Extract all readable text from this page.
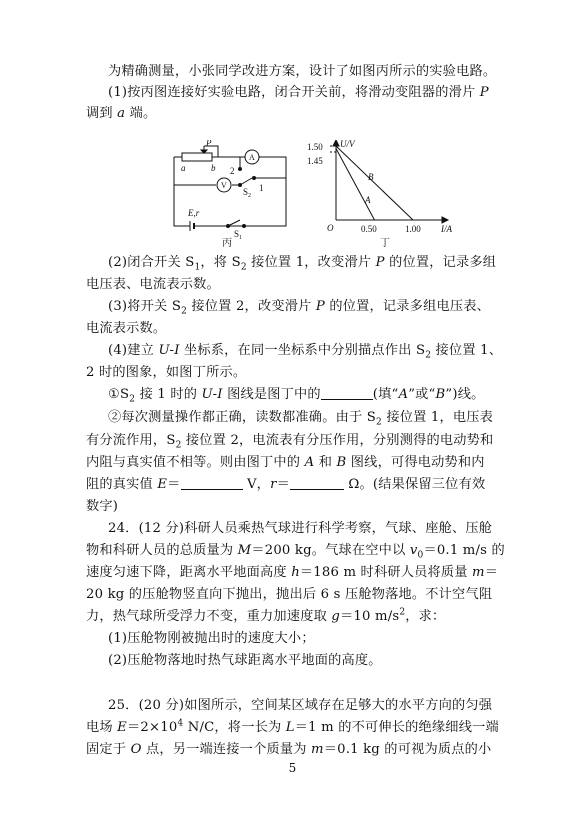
为精确测量，小张同学改进方案，设计了如图丙所示的实验电路。
(1)按丙图连接好实验电路，闭合开关前，将滑动变阻器的滑片 P
调到 a 端。
P
a	b
A
V
2
1
S 2
E,r
S 1
丙
U/V
I/A
O
1.50
1.45
0.50	1.00
A
B
丁
(2)闭合开关 $S_1$，将 $S_2$ 接位置 1，改变滑片 P 的位置，记录多组
电压表、电流表示数。
(3)将开关 $S_2$ 接位置 2，改变滑片 P 的位置，记录多组电压表、
电流表示数。
(4)建立 U-I 坐标系，在同一坐标系中分别描点作出 $S_2$ 接位置 1、
2 时的图象，如图丁所示。
$①S_2$ 接 1 时的 U-I 图线是图丁中的	(填“A”或“B”)线。
②每次测量操作都正确，读数都准确。由于 $S_2$ 接位置 1，电压表
有分流作用，$S_2$ 接位置 2，电流表有分压作用，分别测得的电动势和
内阻与真实值不相等。则由图丁中的 A 和 B 图线，可得电动势和内
阻的真实值 E＝	V，r＝	Ω。(结果保留三位有效
数字)
24．(12 分)科研人员乘热气球进行科学考察，气球、座舱、压舱
物和科研人员的总质量为 M＝200 kg。气球在空中以 $v_0=0.1$ m/s 的
速度匀速下降，距离水平地面高度 h＝186 m 时科研人员将质量 m＝
20 kg 的压舱物竖直向下抛出，抛出后 6 s 压舱物落地。不计空气阻
力，热气球所受浮力不变，重力加速度取 g＝10 $m/s^2$，求：
(1)压舱物刚被抛出时的速度大小；
(2)压舱物落地时热气球距离水平地面的高度。
25．(20 分)如图所示，空间某区域存在足够大的水平方向的匀强
电场 $E=2\times 10^4$ N/C，将一长为 L＝1 m 的不可伸长的绝缘细线一端
固定于 O 点，另一端连接一个质量为 m＝0.1 kg 的可视为质点的小
5
